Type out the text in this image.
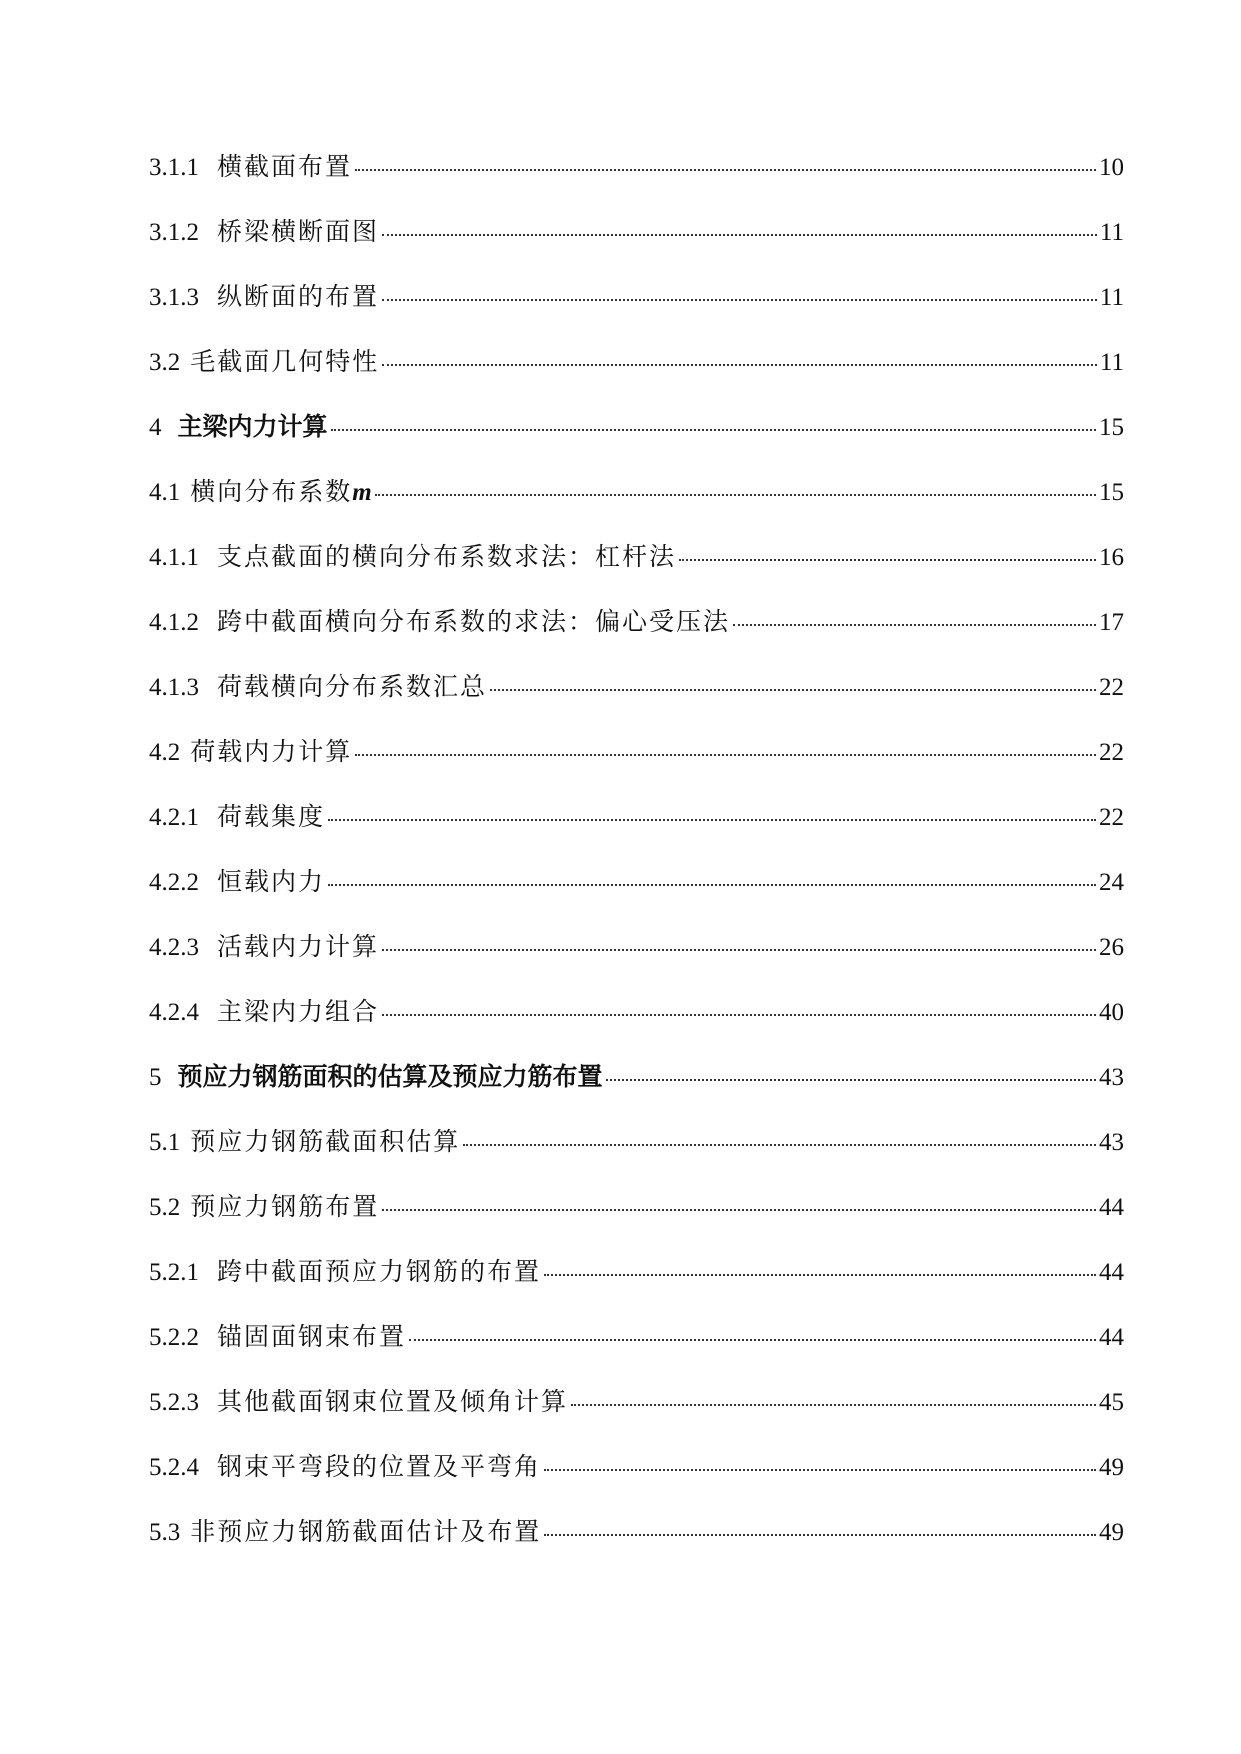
3.1.1 横截面布置	10
3.1.2 桥梁横断面图	11
3.1.3 纵断面的布置	11
3.2 毛截面几何特性	11
4 主梁内力计算	15
4.1 横向分布系数 m	15
4.1.1 支点截面的横向分布系数求法：杠杆法	16
4.1.2 跨中截面横向分布系数的求法：偏心受压法	17
4.1.3 荷载横向分布系数汇总	22
4.2 荷载内力计算	22
4.2.1 荷载集度	22
4.2.2 恒载内力	24
4.2.3 活载内力计算	26
4.2.4 主梁内力组合	40
5 预应力钢筋面积的估算及预应力筋布置	43
5.1 预应力钢筋截面积估算	43
5.2 预应力钢筋布置	44
5.2.1 跨中截面预应力钢筋的布置	44
5.2.2 锚固面钢束布置	44
5.2.3 其他截面钢束位置及倾角计算	45
5.2.4 钢束平弯段的位置及平弯角	49
5.3 非预应力钢筋截面估计及布置	49
